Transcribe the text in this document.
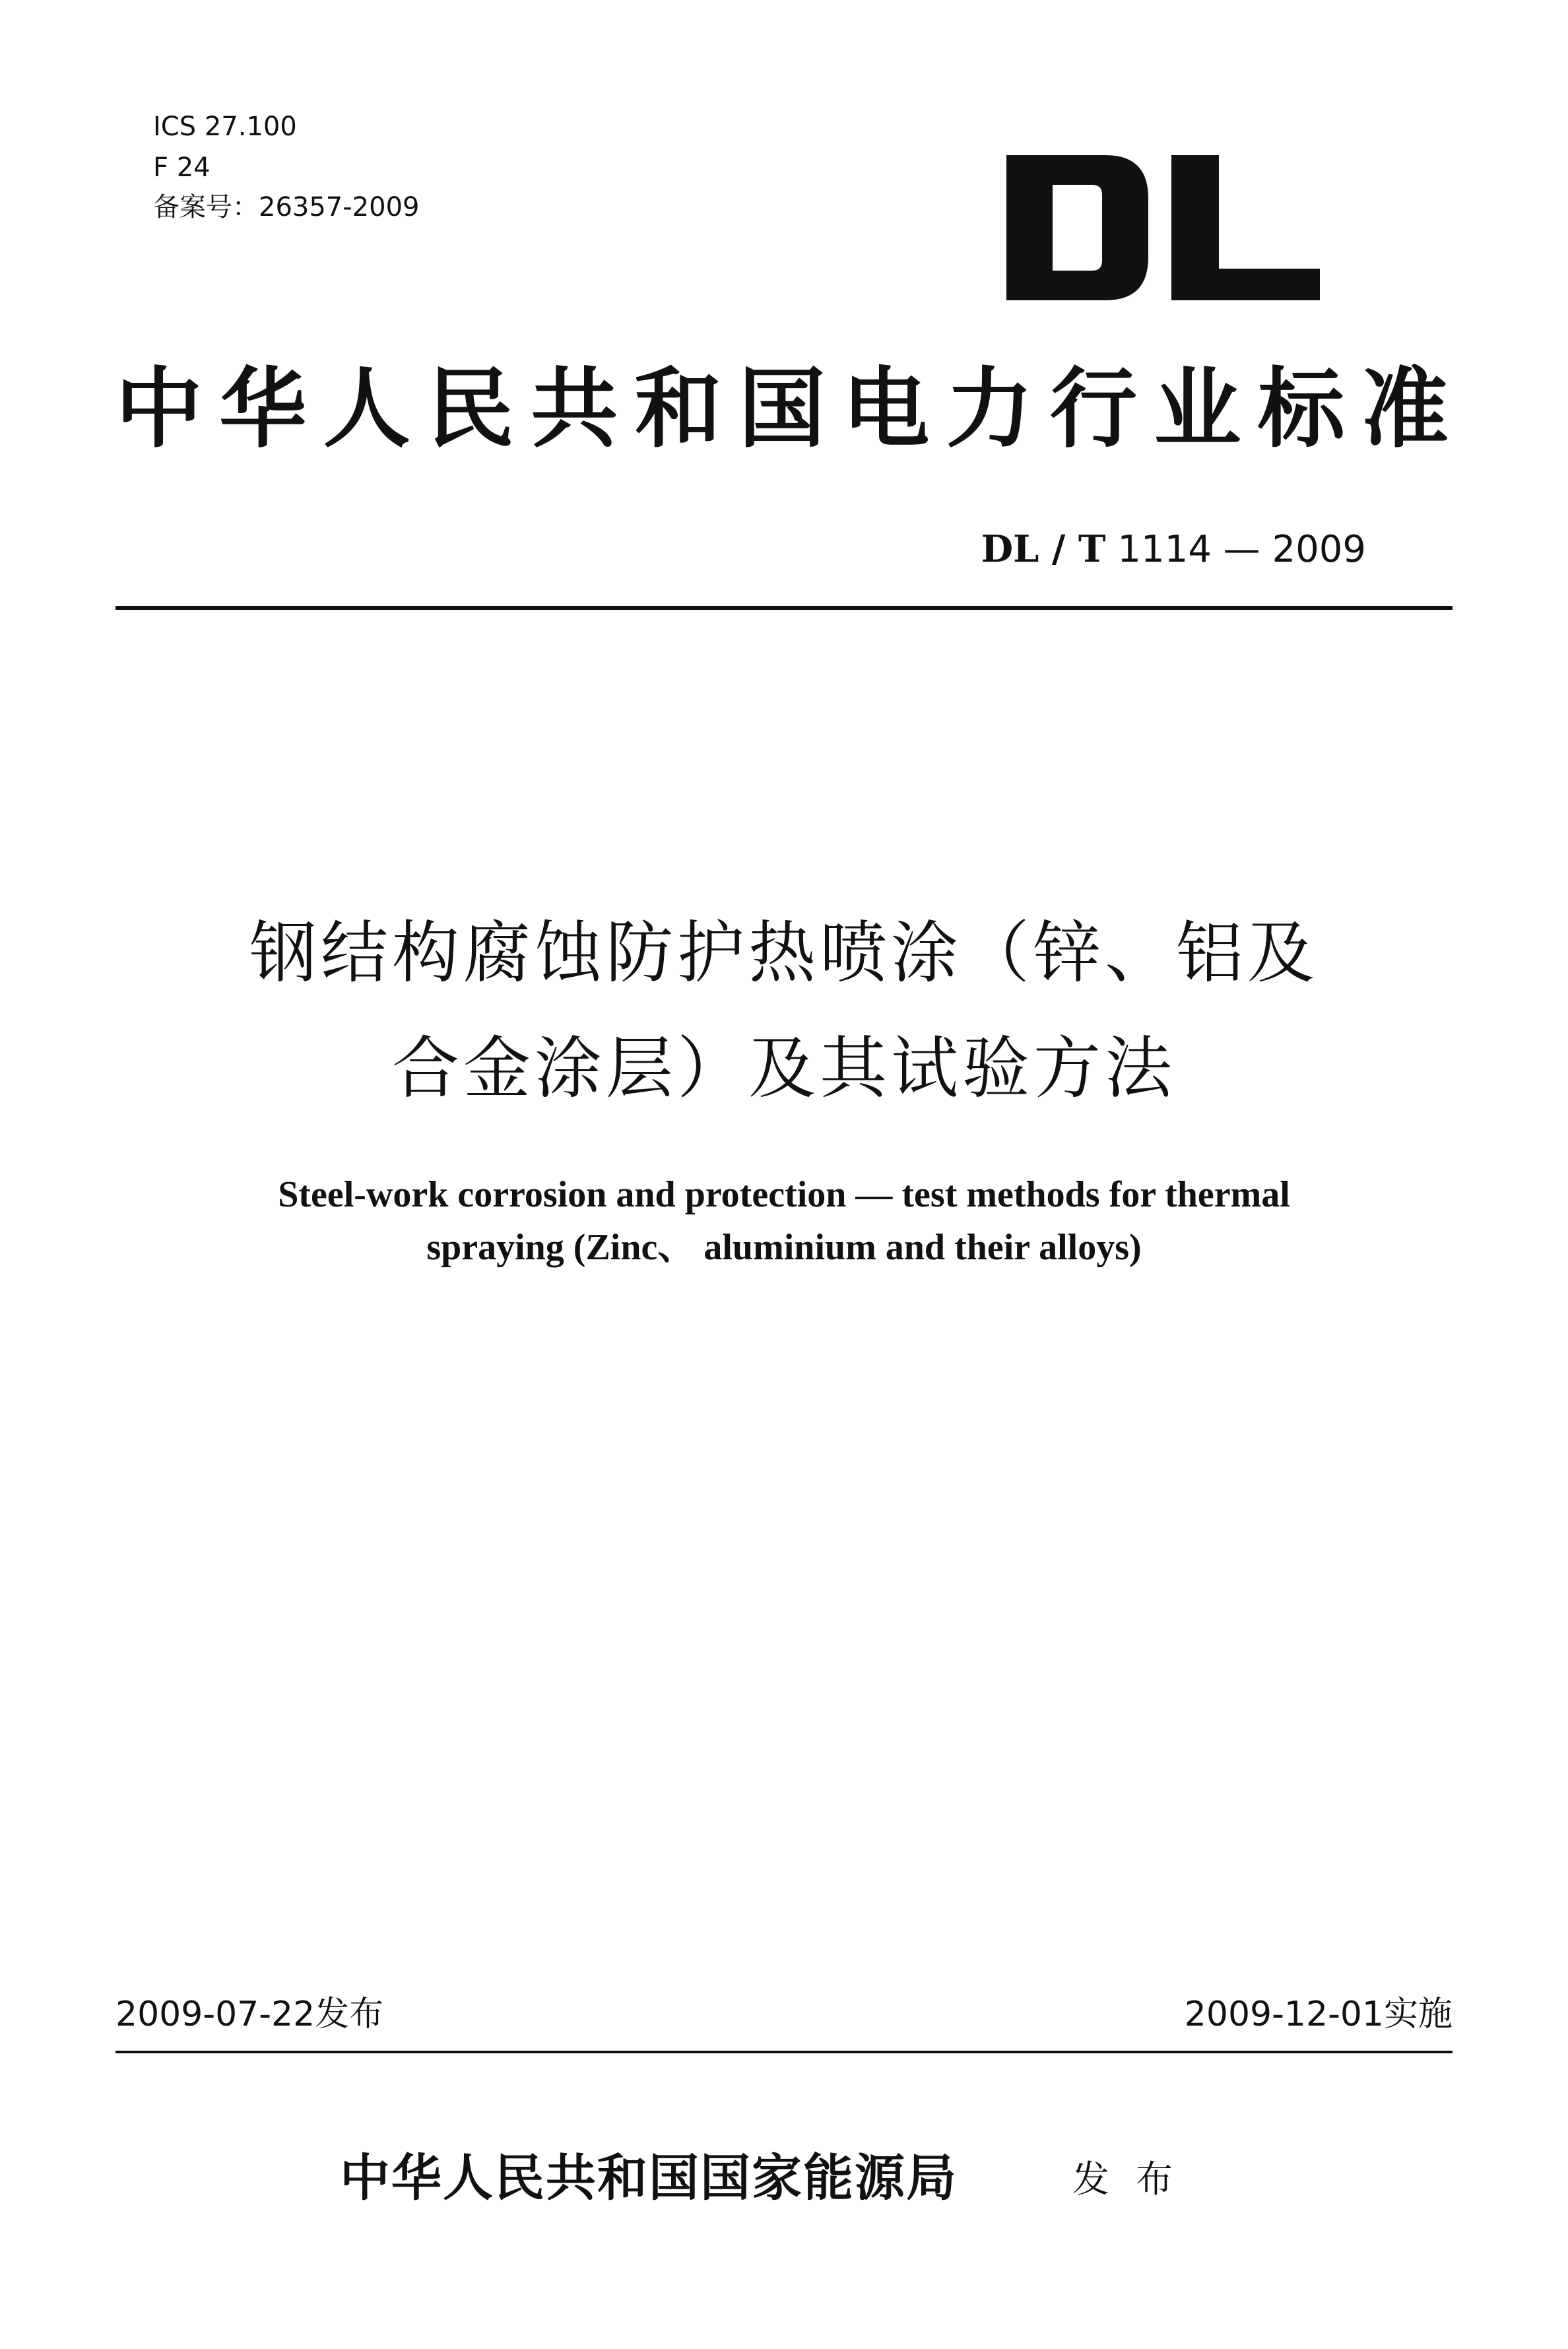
ICS 27.100
F 24
备案号：26357-2009
中华人民共和国电力行业标准
DL / T 1114 — 2009
钢结构腐蚀防护热喷涂（锌、铝及
合金涂层）及其试验方法
Steel-work corrosion and protection — test methods for thermal
spraying (Zinc、 aluminium and their alloys)
2009-07-22发布	2009-12-01实施
中华人民共和国国家能源局	发布
